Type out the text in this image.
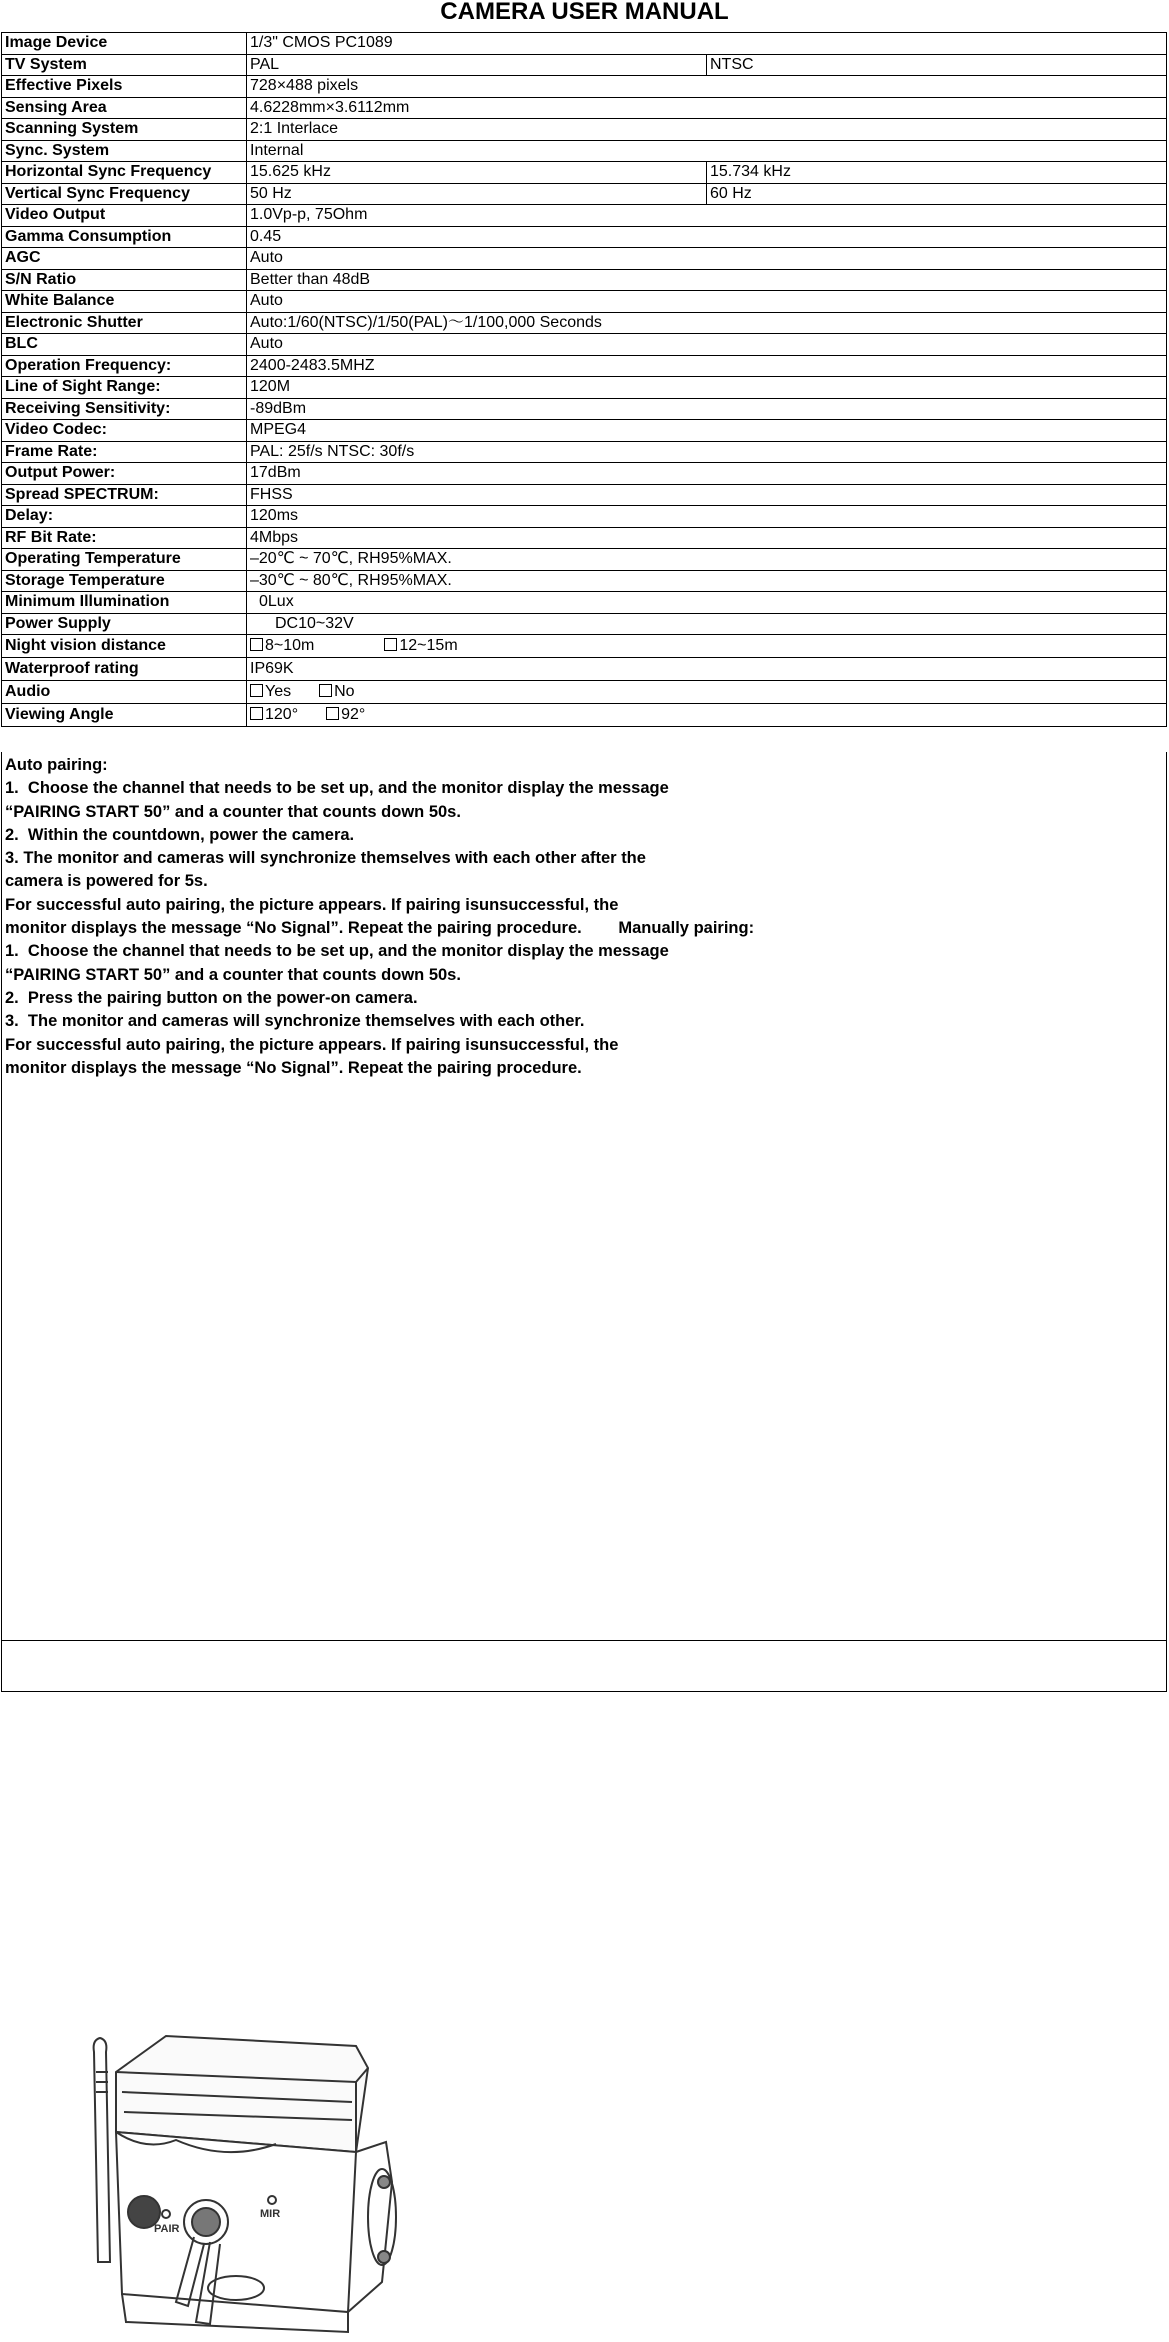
CAMERA USER MANUAL
Image Device	1/3" CMOS PC1089	
TV System	PAL	NTSC
Effective Pixels	728×488 pixels	
Sensing Area	4.6228mm×3.6112mm	
Scanning System	2:1 Interlace	
Sync. System	Internal	
Horizontal Sync Frequency	15.625 kHz	15.734 kHz
Vertical Sync Frequency	50 Hz	60 Hz
Video Output	1.0Vp-p, 75Ohm	
Gamma Consumption	0.45	
AGC	Auto	
S/N Ratio	Better than 48dB	
White Balance	Auto	
Electronic Shutter	Auto:1/60(NTSC)/1/50(PAL)～1/100,000 Seconds	
BLC	Auto	
Operation Frequency:	2400-2483.5MHZ	
Line of Sight Range:	120M	
Receiving Sensitivity:	-89dBm	
Video Codec:	MPEG4	
Frame Rate:	PAL: 25f/s NTSC: 30f/s	
Output Power:	17dBm	
Spread SPECTRUM:	FHSS	
Delay:	120ms	
RF Bit Rate:	4Mbps	
Operating Temperature	–20℃ ~ 70℃, RH95%MAX.	
Storage Temperature	–30℃ ~ 80℃, RH95%MAX.	
Minimum Illumination	0Lux	
Power Supply	DC10~32V	
Night vision distance	8~10m 12~15m	
Waterproof rating	IP69K	
Audio	Yes No	
Viewing Angle	120° 92°	
Auto pairing:
1.  Choose the channel that needs to be set up, and the monitor display the message
“PAIRING START 50” and a counter that counts down 50s.
2.  Within the countdown, power the camera.
3. The monitor and cameras will synchronize themselves with each other after the
camera is powered for 5s.
For successful auto pairing, the picture appears. If pairing isunsuccessful, the
monitor displays the message “No Signal”. Repeat the pairing procedure.        Manually pairing:
1.  Choose the channel that needs to be set up, and the monitor display the message
“PAIRING START 50” and a counter that counts down 50s.
2.  Press the pairing button on the power-on camera.
3.  The monitor and cameras will synchronize themselves with each other.
For successful auto pairing, the picture appears. If pairing isunsuccessful, the
monitor displays the message “No Signal”. Repeat the pairing procedure.
PAIR
MIR
